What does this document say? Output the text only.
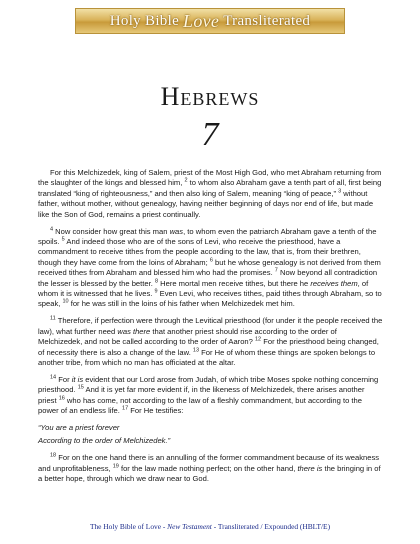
Holy Bible Love Transliterated
Hebrews
7

For this Melchizedek, king of Salem, priest of the Most High God, who met Abraham returning from the slaughter of the kings and blessed him, $^2$ to whom also Abraham gave a tenth part of all, first being translated “king of righteousness,” and then also king of Salem, meaning “king of peace,” $^3$ without father, without mother, without genealogy, having neither beginning of days nor end of life, but made like the Son of God, remains a priest continually.

$^4$ Now consider how great this man was, to whom even the patriarch Abraham gave a tenth of the spoils. $^5$ And indeed those who are of the sons of Levi, who receive the priesthood, have a commandment to receive tithes from the people according to the law, that is, from their brethren, though they have come from the loins of Abraham; $^6$ but he whose genealogy is not derived from them received tithes from Abraham and blessed him who had the promises. $^7$ Now beyond all contradiction the lesser is blessed by the better. $^8$ Here mortal men receive tithes, but there he receives them, of whom it is witnessed that he lives. $^9$ Even Levi, who receives tithes, paid tithes through Abraham, so to speak, $^{10}$ for he was still in the loins of his father when Melchizedek met him.

$^{11}$ Therefore, if perfection were through the Levitical priesthood (for under it the people received the law), what further need was there that another priest should rise according to the order of Melchizedek, and not be called according to the order of Aaron? $^{12}$ For the priesthood being changed, of necessity there is also a change of the law. $^{13}$ For He of whom these things are spoken belongs to another tribe, from which no man has officiated at the altar.

$^{14}$ For it is evident that our Lord arose from Judah, of which tribe Moses spoke nothing concerning priesthood. $^{15}$ And it is yet far more evident if, in the likeness of Melchizedek, there arises another priest $^{16}$ who has come, not according to the law of a fleshly commandment, but according to the power of an endless life. $^{17}$ For He testifies:

“You are a priest forever

According to the order of Melchizedek.”

$^{18}$ For on the one hand there is an annulling of the former commandment because of its weakness and unprofitableness, $^{19}$ for the law made nothing perfect; on the other hand, there is the bringing in of a better hope, through which we draw near to God.

The Holy Bible of Love - New Testament - Transliterated / Expounded (HBLT/E)
